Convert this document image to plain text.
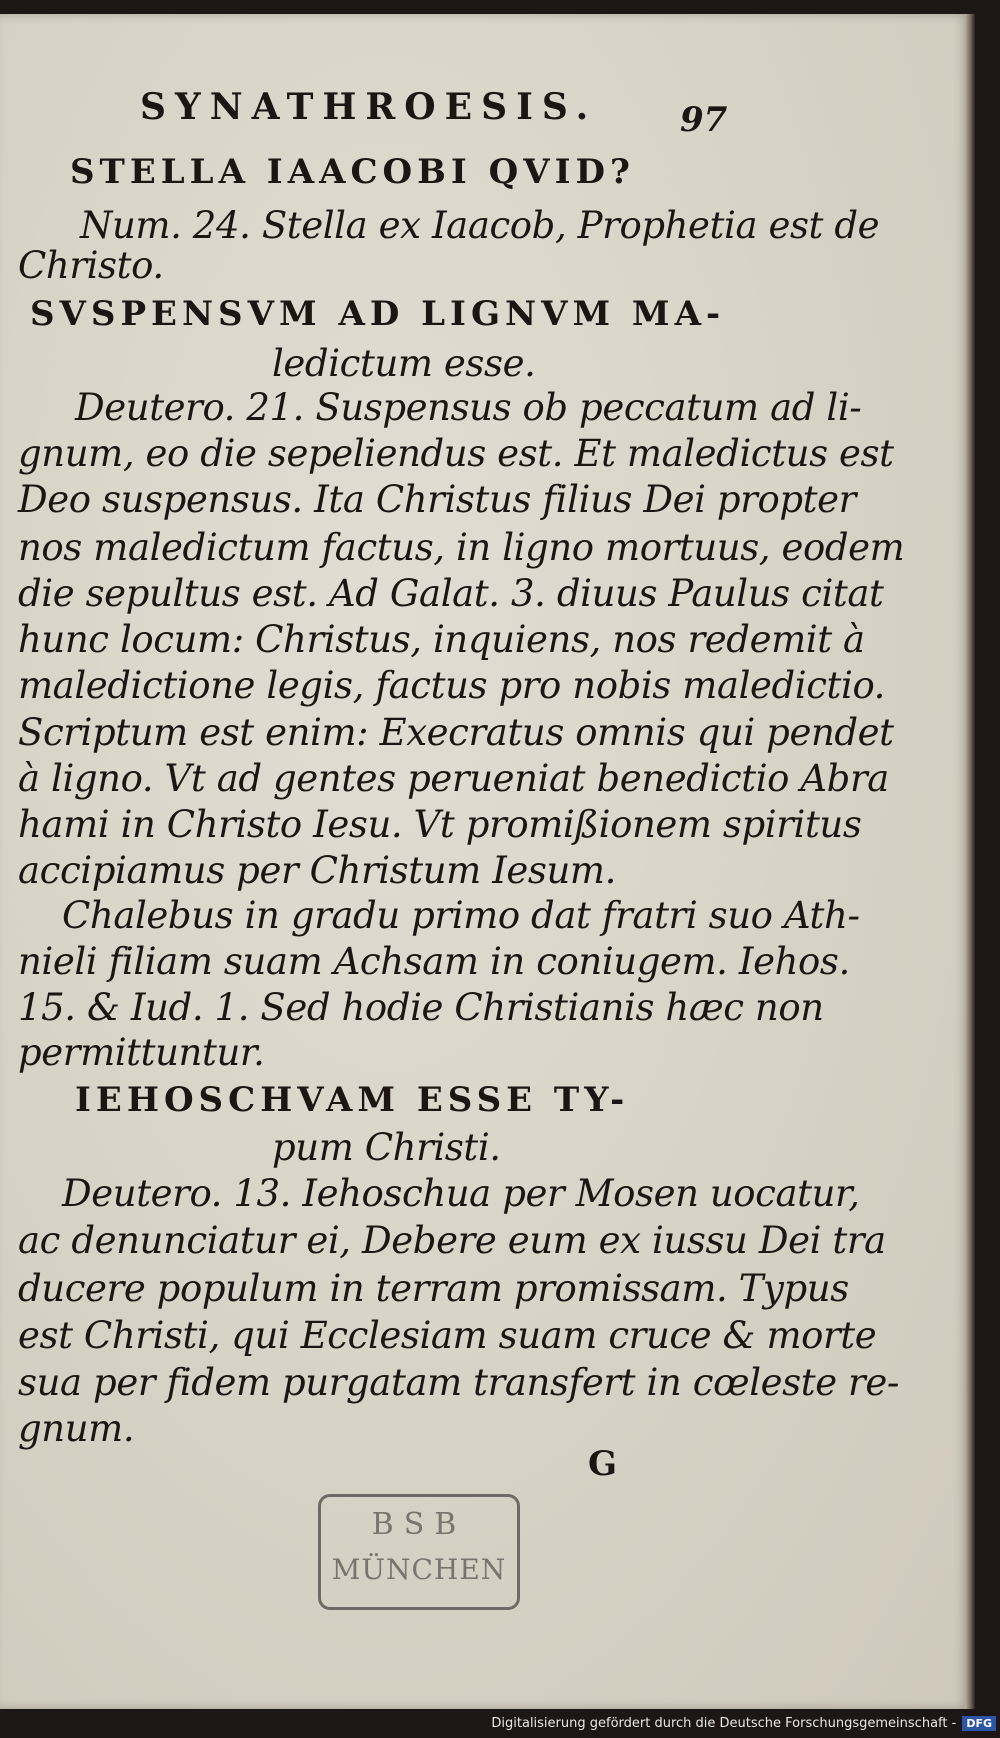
SYNATHROESIS. 97
STELLA IAACOBI QVID?
Num. 24. Stella ex Iaacob, Prophetia est de
Christo.
SVSPENSVM AD LIGNVM MA-
ledictum esse.
Deutero. 21. Suspensus ob peccatum ad li-
gnum, eo die sepeliendus est. Et maledictus est
Deo suspensus. Ita Christus filius Dei propter
nos maledictum factus, in ligno mortuus, eodem
die sepultus est. Ad Galat. 3. diuus Paulus citat
hunc locum: Christus, inquiens, nos redemit à
maledictione legis, factus pro nobis maledictio.
Scriptum est enim: Execratus omnis qui pendet
à ligno. Vt ad gentes perueniat benedictio Abra
hami in Christo Iesu. Vt promißionem spiritus
accipiamus per Christum Iesum.
Chalebus in gradu primo dat fratri suo Ath-
nieli filiam suam Achsam in coniugem. Iehos.
15. & Iud. 1. Sed hodie Christianis hæc non
permittuntur.
IEHOSCHVAM ESSE TY-
pum Christi.
Deutero. 13. Iehoschua per Mosen uocatur,
ac denunciatur ei, Debere eum ex iussu Dei tra
ducere populum in terram promissam. Typus
est Christi, qui Ecclesiam suam cruce & morte
sua per fidem purgatam transfert in cœleste re-
gnum.
G
BSB
MÜNCHEN
Digitalisierung gefördert durch die Deutsche Forschungsgemeinschaft - DFG
